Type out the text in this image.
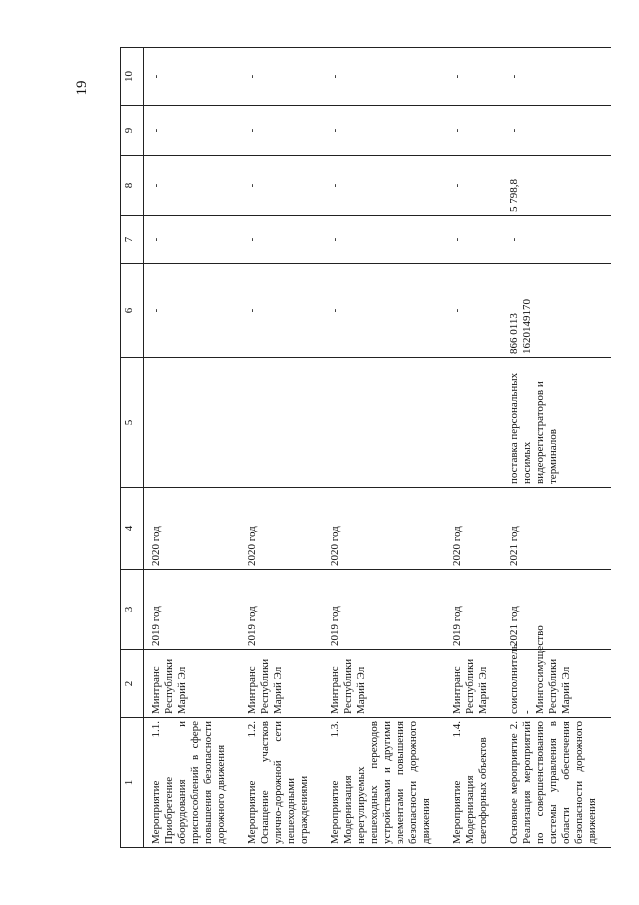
19
1	2	3	4	5	6	7	8	9	10
Мероприятие 1.1. Приобретение оборудования и приспособлений в сфере повышения безопасности дорожного движения	Минтранс Республики Марий Эл	2019 год	2020 год		-	-	-	-	-
Мероприятие 1.2. Оснащение участков улично-дорожной сети пешеходными ограждениями	Минтранс Республики Марий Эл	2019 год	2020 год		-	-	-	-	-
Мероприятие 1.3. Модернизация нерегулируемых пешеходных переходов устройствами и другими элементами повышения безопасности дорожного движения	Минтранс Республики Марий Эл	2019 год	2020 год		-	-	-	-	-
Мероприятие 1.4. Модернизация светофорных объектов	Минтранс Республики Марий Эл	2019 год	2020 год		-	-	-	-	-
Основное мероприятие 2. Реализация мероприятий по совершенствованию системы управления в области обеспечения безопасности дорожного движения	соисполнитель - Мингосимущество Республики Марий Эл	2021 год	2021 год	поставка персональных носимых видеорегистраторов и терминалов	866 0113 1620149170	-	5 798,8	-	-
